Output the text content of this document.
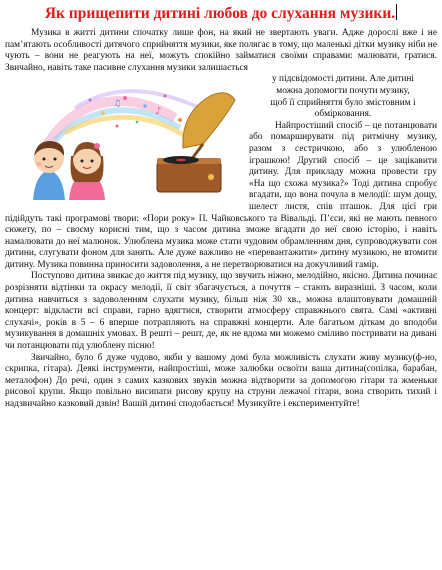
Як прищепити дитині любов до слухання музики.

Музика в житті дитини спочатку лише фон, на який не звертають уваги. Адже дорослі вже і не пам’ятають особливості дитячого сприйняття музики, яке полягає в тому, що маленькі дітки музику ніби не чують – вони не реагують на неї, можуть спокійно займатися своїми справами: малювати, гратися. Звичайно, навіть таке пасивне слухання музики залишається

♪
♫

у підсвідомості дитини. Але дитині

можна допомогти почути музику,

щоб її сприйняття було змістовним і

обмірковання.

Найпростіший спосіб – це потанцювати або помарширувати під ритмічну музику, разом з сестричкою, або з улюбленою іграшкою! Другий спосіб – це зацікавити дитину. Для прикладу можна провести гру «На що схожа музика?» Тоді дитина спробує вгадати, що вона почула в мелодії: шум дощу, шелест листя, спів пташок. Для цієї гри підійдуть такі програмові твори: «Пори року» П. Чайковського та Вівальді. П’єси, які не мають певного сюжету, по – своєму корисні тим, що з часом дитина зможе вгадати до неї свою історію, і навіть намалювати до неї малюнок. Улюблена музика може стати чудовим обрамленням дня, супроводжувати сон дитини, слугувати фоном для занять. Але дуже важливо не «перевантажити» дитину музикою, не втомити дитину. Музика повинна приносити задоволення, а не перетворюватися на докучливий гамір.

Поступово дитина звикає до життя під музику, що звучить ніжно, мелодійно, якісно. Дитина починає розрізняти відтінки та окрасу мелодії, її світ збагачується, а почуття – стають виразніші. З часом, коли дитина навчиться з задоволенням слухати музику, більш ніж 30 хв., можна влаштовувати домашній концерт: відкласти всі справи, гарно вдягтися, створити атмосферу справжнього свята. Самі «активні слухачі», років в 5 – 6 вперше потрапляють на справжні концерти. Але багатьом діткам до вподоби музикування в домашніх умовах. В решті – решт, де, як не вдома ми можемо сміливо постривати на дивані чи потанцювати під улюблену пісню!

Звичайно, було б дуже чудово, якби у вашому домі була можливість слухати живу музику(ф-но, скрипка, гітара). Деякі інструменти, найпростіші, може залюбки освоїти ваша дитина(сопілка, барабан, металофон) До речі, один з самих казкових звуків можна відтворити за допомогою гітари та жменьки рисової крупи. Якщо повільно висипати рисову крупу на струни лежачої гітари, вона створить тихий і надзвичайно казковий дзвін! Вашій дитині сподобається! Музикуйте і експериментуйте!
